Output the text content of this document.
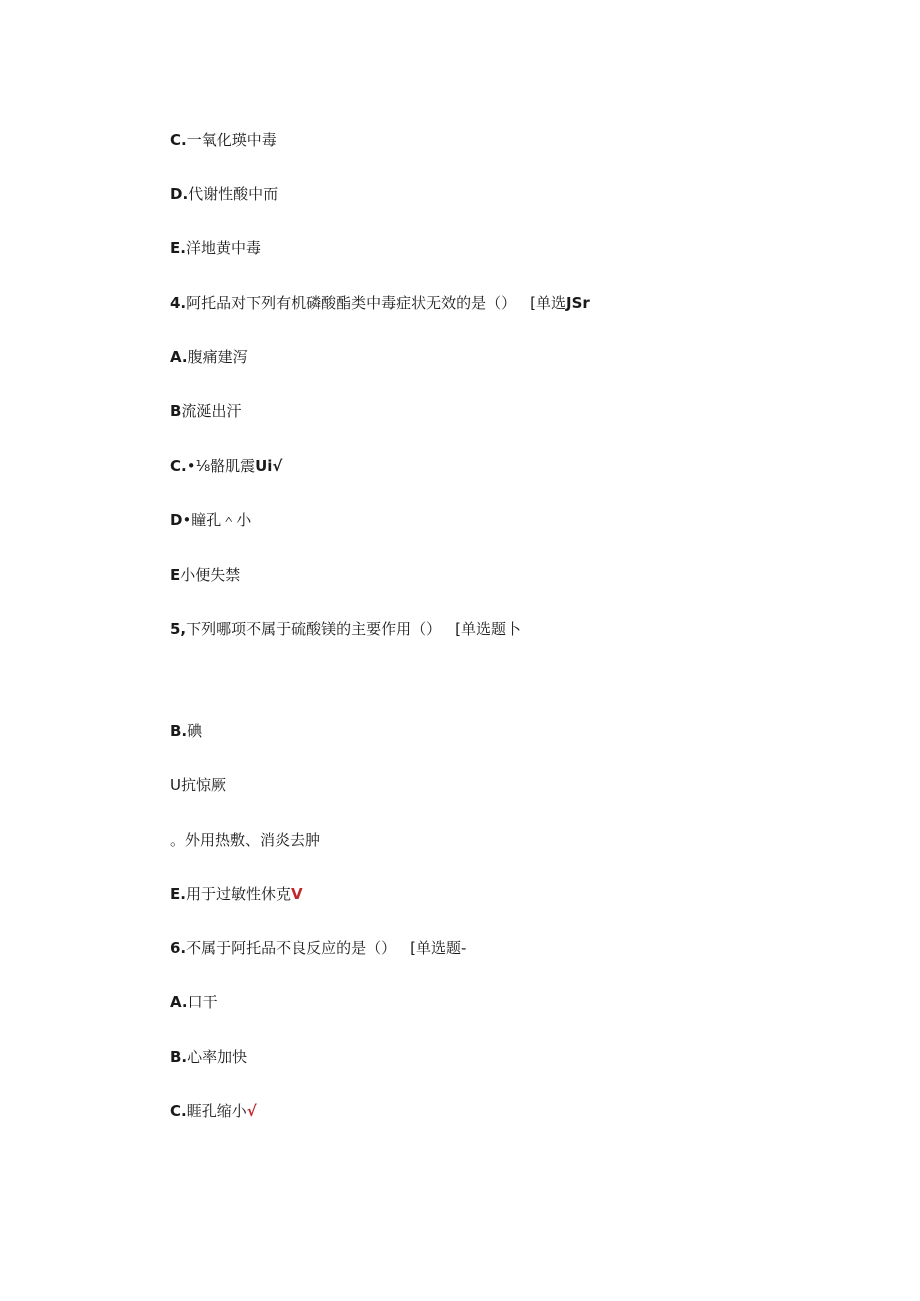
C.一氧化瑛中毒
D.代谢性酸中而
E.洋地黄中毒
4.阿托品对下列有机磷酸酯类中毒症状无效的是（） [单选JSr
A.腹痛建泻
B流涎出汗
C.•⅛骼肌震Ui√
D•瞳孔＾小
E小便失禁
5,下列哪项不属于硫酸镁的主要作用（） [单选题卜
B.碘
U抗惊厥
。外用热敷、消炎去肿
E.用于过敏性休克V
6.不属于阿托品不良反应的是（） [单选题-
A.口干
B.心率加快
C.睚孔缩小√
